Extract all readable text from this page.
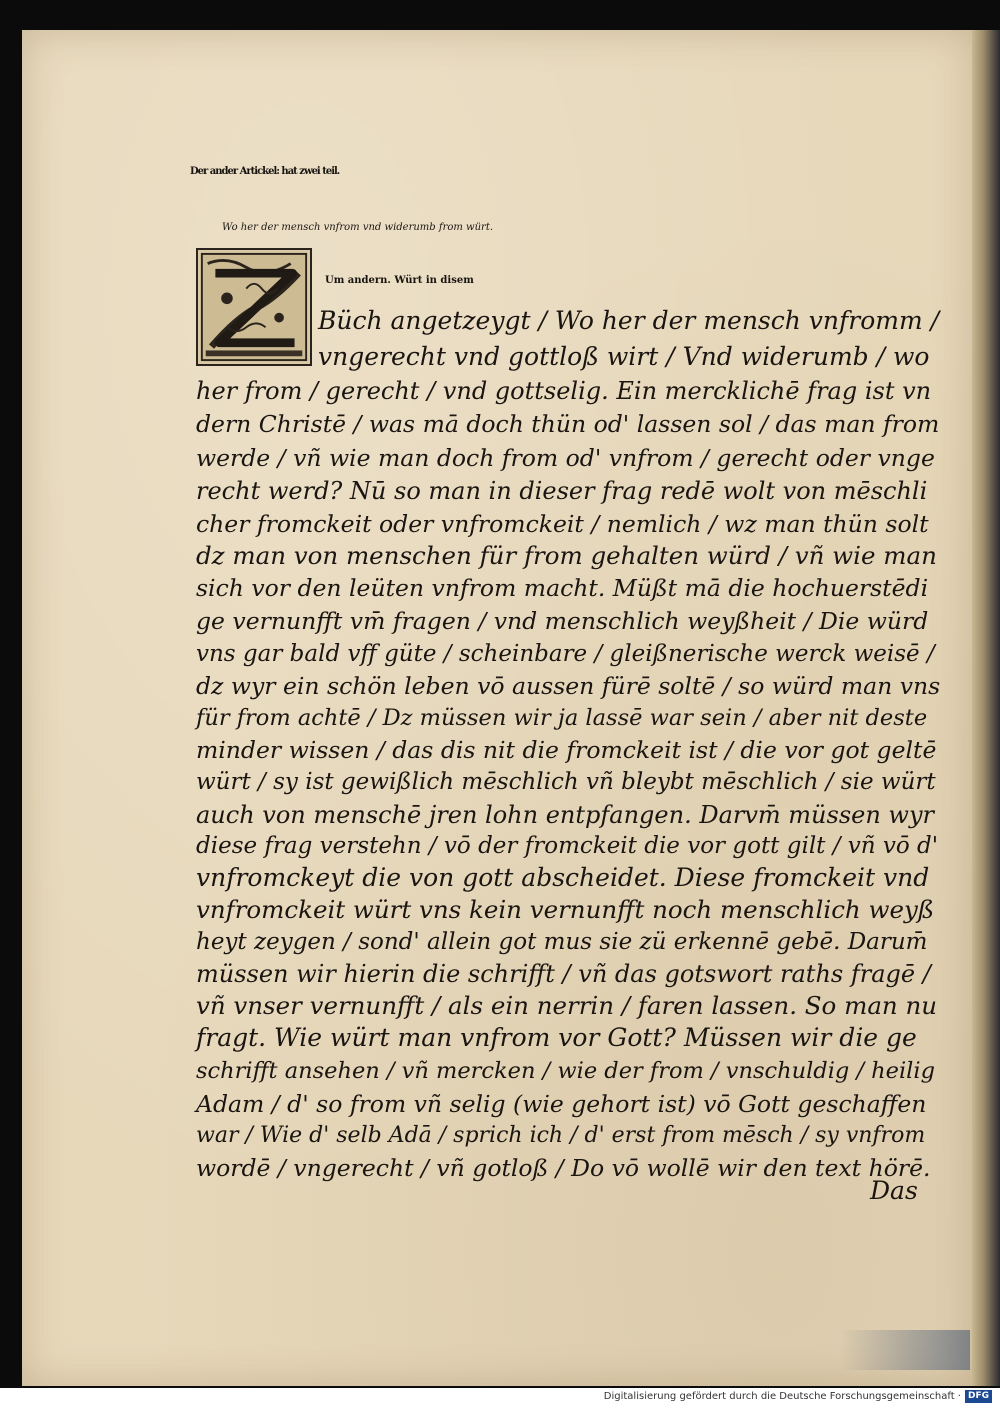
Der ander Artickel: hat zwei teil.
Wo her der mensch vnfrom vnd widerumb from würt.
Um andern. Würt in disem
Büch angetzeygt / Wo her der mensch vnfromm /
vngerecht vnd gottloß wirt / Vnd widerumb / wo
her from / gerecht / vnd gottselig. Ein mercklichē frag ist vn
dern Christē / was mā doch thün od' lassen sol / das man from
werde / vñ wie man doch from od' vnfrom / gerecht oder vnge
recht werd? Nū so man in dieser frag redē wolt von mēschli
cher fromckeit oder vnfromckeit / nemlich / wz man thün solt
dz man von menschen für from gehalten würd / vñ wie man
sich vor den leüten vnfrom macht. Müßt mā die hochuerstēdi
ge vernunfft vm̄ fragen / vnd menschlich weyßheit / Die würd
vns gar bald vff güte / scheinbare / gleißnerische werck weisē /
dz wyr ein schön leben vō aussen fürē soltē / so würd man vns
für from achtē / Dz müssen wir ja lassē war sein / aber nit deste
minder wissen / das dis nit die fromckeit ist / die vor got geltē
würt / sy ist gewißlich mēschlich vñ bleybt mēschlich / sie würt
auch von menschē jren lohn entpfangen. Darvm̄ müssen wyr
diese frag verstehn / vō der fromckeit die vor gott gilt / vñ vō d'
vnfromckeyt die von gott abscheidet. Diese fromckeit vnd
vnfromckeit würt vns kein vernunfft noch menschlich weyß
heyt zeygen / sond' allein got mus sie zü erkennē gebē. Darum̄
müssen wir hierin die schrifft / vñ das gotswort raths fragē /
vñ vnser vernunfft / als ein nerrin / faren lassen. So man nu
fragt. Wie würt man vnfrom vor Gott? Müssen wir die ge
schrifft ansehen / vñ mercken / wie der from / vnschuldig / heilig
Adam / d' so from vñ selig (wie gehort ist) vō Gott geschaffen
war / Wie d' selb Adā / sprich ich / d' erst from mēsch / sy vnfrom
wordē / vngerecht / vñ gotloß / Do vō wollē wir den text hörē.
Das
Digitalisierung gefördert durch die Deutsche Forschungsgemeinschaft · DFG
